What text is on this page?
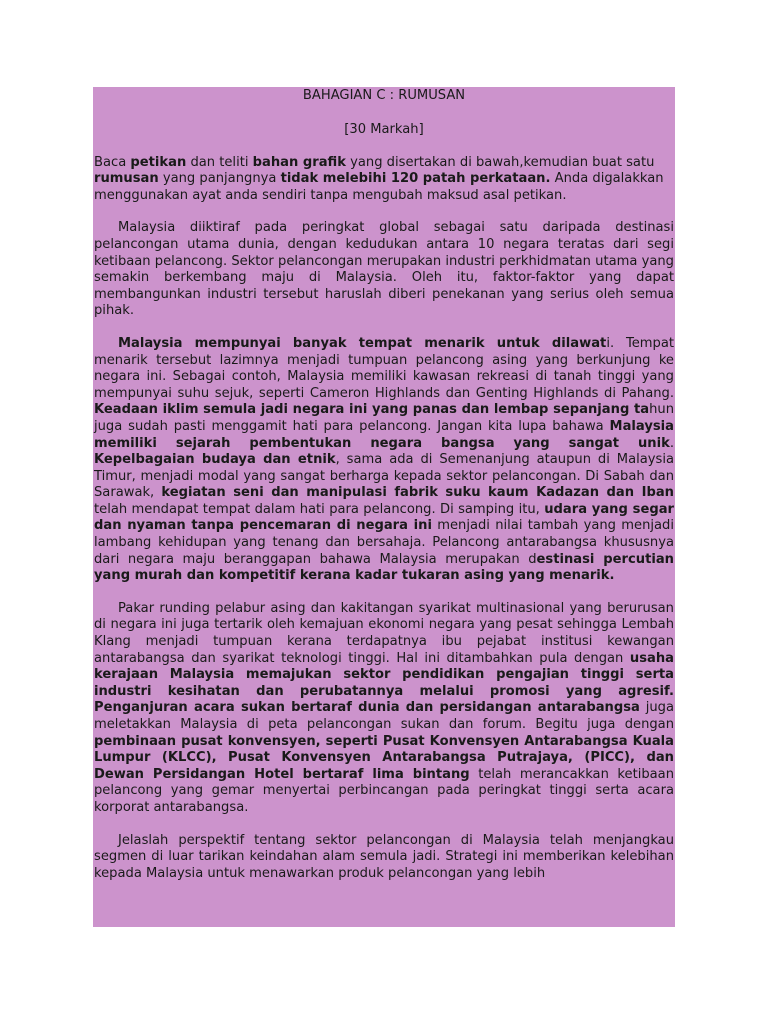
BAHAGIAN C : RUMUSAN
[30 Markah]

Baca petikan dan teliti bahan grafik yang disertakan di bawah,kemudian buat satu rumusan yang panjangnya tidak melebihi 120 patah perkataan. Anda digalakkan menggunakan ayat anda sendiri tanpa mengubah maksud asal petikan.

Malaysia diiktiraf pada peringkat global sebagai satu daripada destinasi pelancongan utama dunia, dengan kedudukan antara 10 negara teratas dari segi ketibaan pelancong. Sektor pelancongan merupakan industri perkhidmatan utama yang semakin berkembang maju di Malaysia. Oleh itu, faktor-faktor yang dapat membangunkan industri tersebut haruslah diberi penekanan yang serius oleh semua pihak.

Malaysia mempunyai banyak tempat menarik untuk dilawati. Tempat menarik tersebut lazimnya menjadi tumpuan pelancong asing yang berkunjung ke negara ini. Sebagai contoh, Malaysia memiliki kawasan rekreasi di tanah tinggi yang mempunyai suhu sejuk, seperti Cameron Highlands dan Genting Highlands di Pahang. Keadaan iklim semula jadi negara ini yang panas dan lembap sepanjang tahun juga sudah pasti menggamit hati para pelancong. Jangan kita lupa bahawa Malaysia memiliki sejarah pembentukan negara bangsa yang sangat unik. Kepelbagaian budaya dan etnik, sama ada di Semenanjung ataupun di Malaysia Timur, menjadi modal yang sangat berharga kepada sektor pelancongan. Di Sabah dan Sarawak, kegiatan seni dan manipulasi fabrik suku kaum Kadazan dan Iban telah mendapat tempat dalam hati para pelancong. Di samping itu, udara yang segar dan nyaman tanpa pencemaran di negara ini menjadi nilai tambah yang menjadi lambang kehidupan yang tenang dan bersahaja. Pelancong antarabangsa khususnya dari negara maju beranggapan bahawa Malaysia merupakan destinasi percutian yang murah dan kompetitif kerana kadar tukaran asing yang menarik.

Pakar runding pelabur asing dan kakitangan syarikat multinasional yang berurusan di negara ini juga tertarik oleh kemajuan ekonomi negara yang pesat sehingga Lembah Klang menjadi tumpuan kerana terdapatnya ibu pejabat institusi kewangan antarabangsa dan syarikat teknologi tinggi. Hal ini ditambahkan pula dengan usaha kerajaan Malaysia memajukan sektor pendidikan pengajian tinggi serta industri kesihatan dan perubatannya melalui promosi yang agresif. Penganjuran acara sukan bertaraf dunia dan persidangan antarabangsa juga meletakkan Malaysia di peta pelancongan sukan dan forum. Begitu juga dengan pembinaan pusat konvensyen, seperti Pusat Konvensyen Antarabangsa Kuala Lumpur (KLCC), Pusat Konvensyen Antarabangsa Putrajaya, (PICC), dan Dewan Persidangan Hotel bertaraf lima bintang telah merancakkan ketibaan pelancong yang gemar menyertai perbincangan pada peringkat tinggi serta acara korporat antarabangsa.

Jelaslah perspektif tentang sektor pelancongan di Malaysia telah menjangkau segmen di luar tarikan keindahan alam semula jadi. Strategi ini memberikan kelebihan kepada Malaysia untuk menawarkan produk pelancongan yang lebih
